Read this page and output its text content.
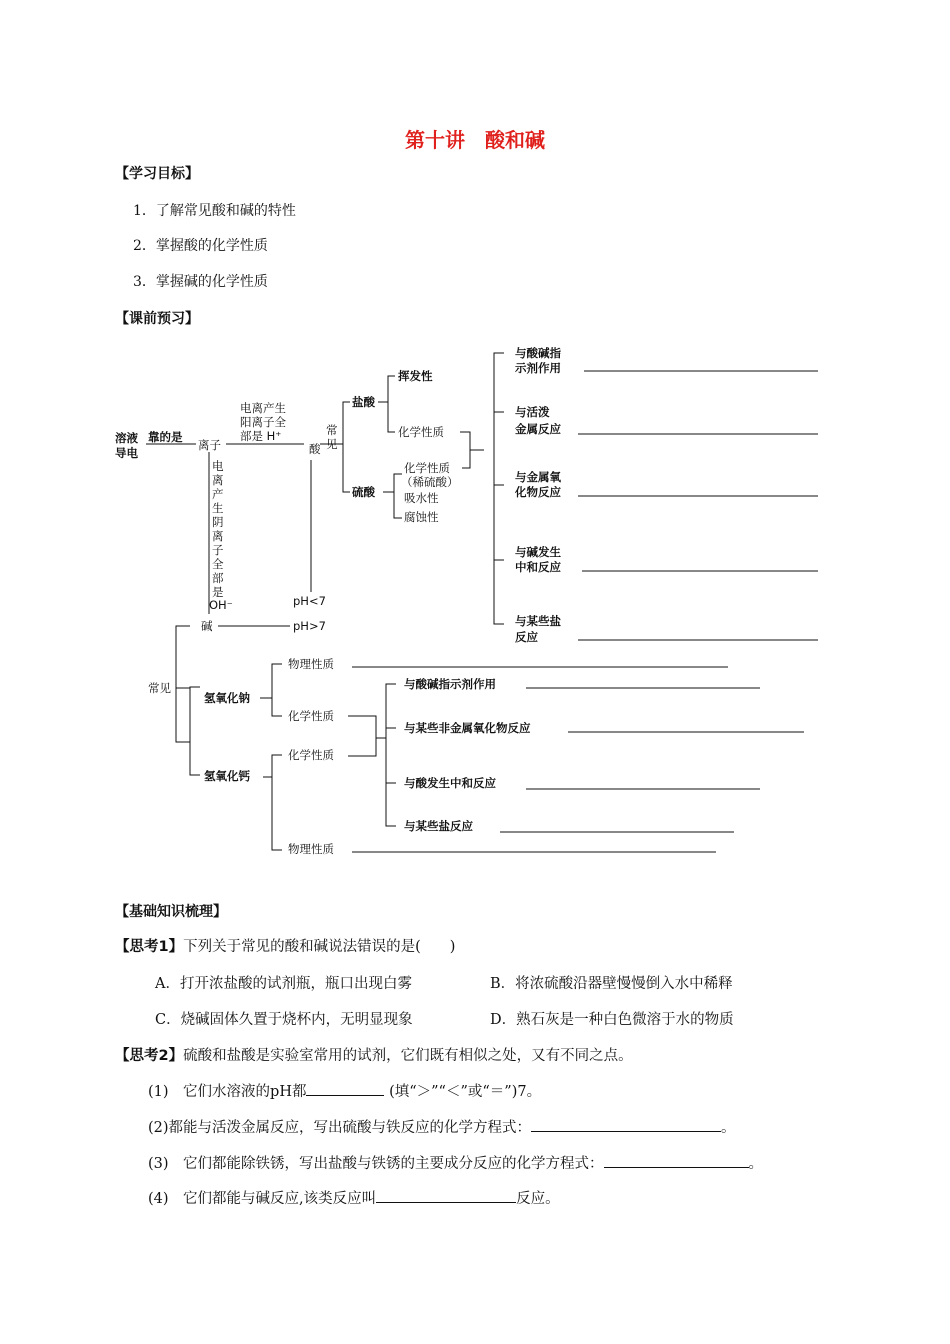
第十讲　酸和碱
【学习目标】
1．了解常见酸和碱的特性
2．掌握酸的化学性质
3．掌握碱的化学性质
【课前预习】
溶液
导电
靠的是
离子
电离产生
阳离子全
部是 H⁺
酸
电
离
产
生
阴
离
子
全
部
是
OH⁻
碱	pH>7
pH<7
常
见
盐酸
硫酸
挥发性
化学性质
化学性质
（稀硫酸）
吸水性
腐蚀性
与酸碱指
示剂作用
与活泼
金属反应
与金属氧
化物反应
与碱发生
中和反应
与某些盐
反应
常见
氢氧化钠
氢氧化钙
物理性质
化学性质
化学性质
物理性质
与酸碱指示剂作用
与某些非金属氧化物反应
与酸发生中和反应
与某些盐反应
【基础知识梳理】
【思考1】下列关于常见的酸和碱说法错误的是(　　)
A．打开浓盐酸的试剂瓶，瓶口出现白雾	B．将浓硫酸沿器壁慢慢倒入水中稀释
C．烧碱固体久置于烧杯内，无明显现象	D．熟石灰是一种白色微溶于水的物质
【思考2】硫酸和盐酸是实验室常用的试剂，它们既有相似之处，又有不同之点。
(1)　它们水溶液的pH都	(填“＞”“＜”或“＝”)7。
(2)都能与活泼金属反应，写出硫酸与铁反应的化学方程式：	。
(3)　它们都能除铁锈，写出盐酸与铁锈的主要成分反应的化学方程式：	。
(4)　它们都能与碱反应,该类反应叫	反应。
